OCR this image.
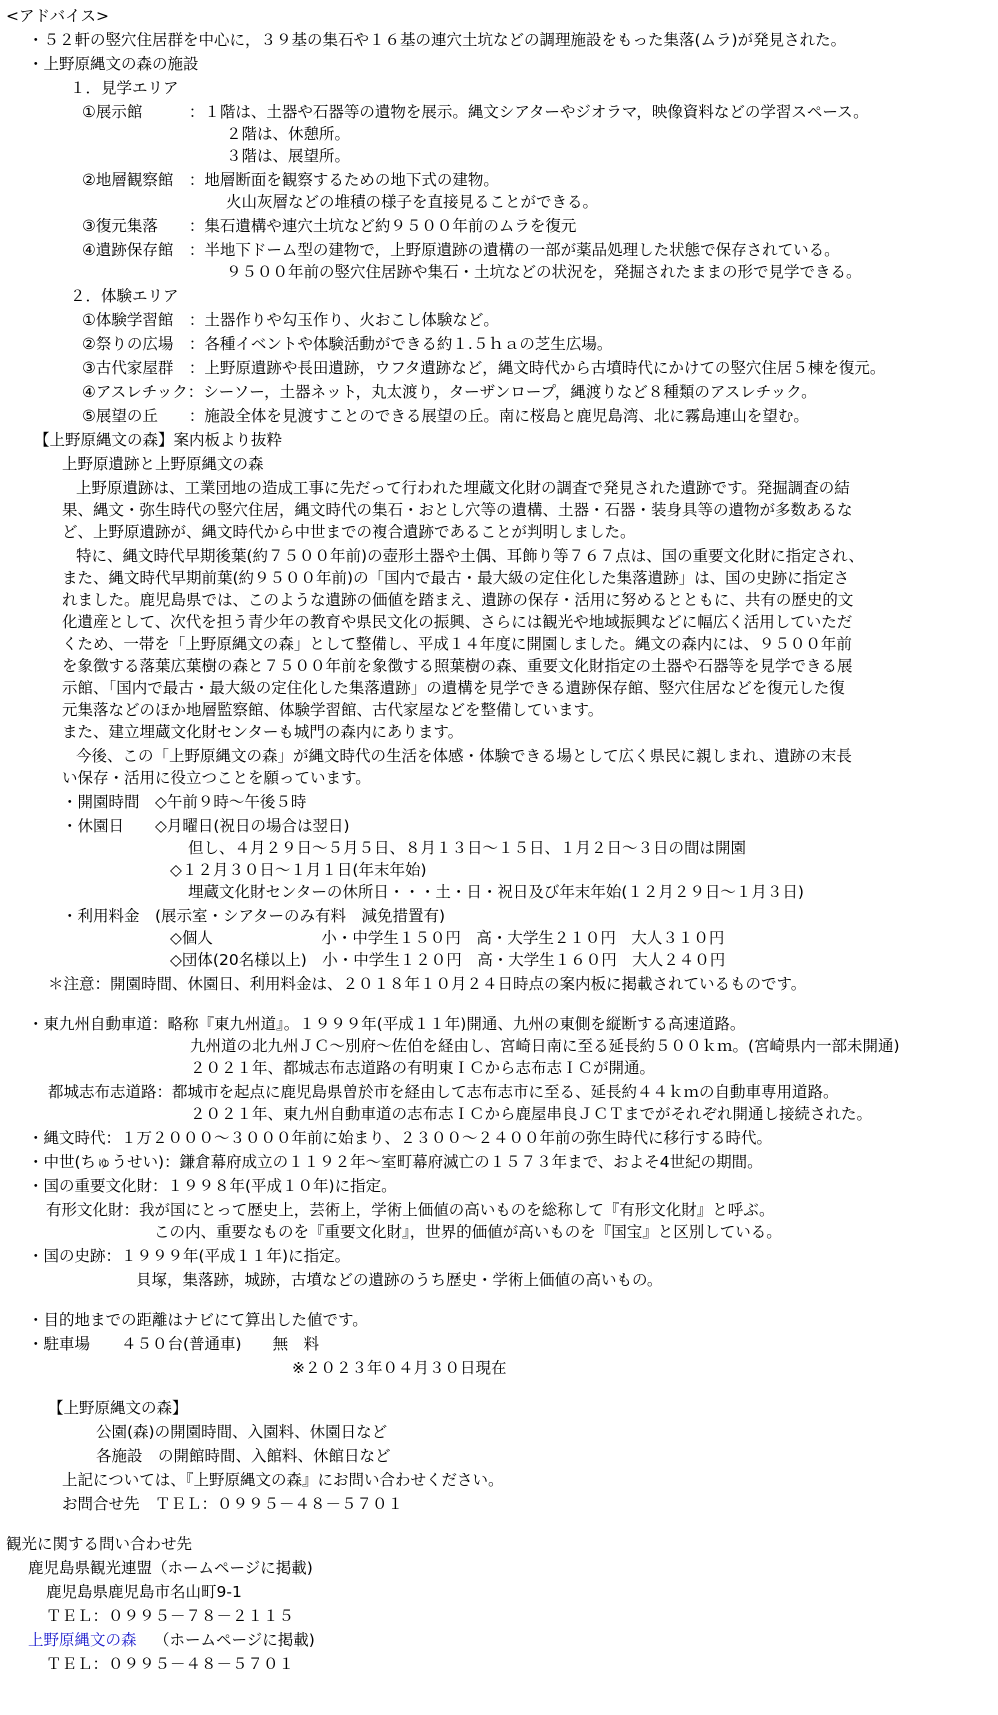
<アドバイス>
・５２軒の竪穴住居群を中心に，３９基の集石や１６基の連穴土坑などの調理施設をもった集落(ムラ)が発見された。
・上野原縄文の森の施設
１．見学エリア
①展示館　　　：１階は、土器や石器等の遺物を展示。縄文シアターやジオラマ，映像資料などの学習スペース。
２階は、休憩所。
３階は、展望所。
②地層観察館　：地層断面を観察するための地下式の建物。
火山灰層などの堆積の様子を直接見ることができる。
③復元集落　　：集石遺構や連穴土坑など約９５００年前のムラを復元
④遺跡保存館　：半地下ドーム型の建物で，上野原遺跡の遺構の一部が薬品処理した状態で保存されている。
９５００年前の竪穴住居跡や集石・土坑などの状況を，発掘されたままの形で見学できる。
２．体験エリア
①体験学習館　：土器作りや勾玉作り、火おこし体験など。
②祭りの広場　：各種イベントや体験活動ができる約１.５ｈａの芝生広場。
③古代家屋群　：上野原遺跡や長田遺跡，ウフタ遺跡など，縄文時代から古墳時代にかけての竪穴住居５棟を復元。
④アスレチック：シーソー，土器ネット，丸太渡り，ターザンロープ，縄渡りなど８種類のアスレチック。
⑤展望の丘　　：施設全体を見渡すことのできる展望の丘。南に桜島と鹿児島湾、北に霧島連山を望む。
【上野原縄文の森】案内板より抜粋
上野原遺跡と上野原縄文の森
上野原遺跡は、工業団地の造成工事に先だって行われた埋蔵文化財の調査で発見された遺跡です。発掘調査の結
果、縄文・弥生時代の竪穴住居，縄文時代の集石・おとし穴等の遺構、土器・石器・装身具等の遺物が多数あるな
ど、上野原遺跡が、縄文時代から中世までの複合遺跡であることが判明しました。
特に、縄文時代早期後葉(約７５００年前)の壺形土器や土偶、耳飾り等７６７点は、国の重要文化財に指定され、
また、縄文時代早期前葉(約９５００年前)の「国内で最古・最大級の定住化した集落遺跡」は、国の史跡に指定さ
れました。鹿児島県では、このような遺跡の価値を踏まえ、遺跡の保存・活用に努めるとともに、共有の歴史的文
化遺産として、次代を担う青少年の教育や県民文化の振興、さらには観光や地域振興などに幅広く活用していただ
くため、一帯を「上野原縄文の森」として整備し、平成１４年度に開園しました。縄文の森内には、９５００年前
を象徴する落葉広葉樹の森と７５００年前を象徴する照葉樹の森、重要文化財指定の土器や石器等を見学できる展
示館、「国内で最古・最大級の定住化した集落遺跡」の遺構を見学できる遺跡保存館、竪穴住居などを復元した復
元集落などのほか地層監察館、体験学習館、古代家屋などを整備しています。
また、建立埋蔵文化財センターも城門の森内にあります。
今後、この「上野原縄文の森」が縄文時代の生活を体感・体験できる場として広く県民に親しまれ、遺跡の末長
い保存・活用に役立つことを願っています。
・開園時間　◇午前９時～午後５時
・休園日　　◇月曜日(祝日の場合は翌日)
但し、４月２９日～５月５日、８月１３日～１５日、１月２日～３日の間は開園
◇１２月３０日～１月１日(年末年始)
埋蔵文化財センターの休所日・・・土・日・祝日及び年末年始(１２月２９日～１月３日)
・利用料金　(展示室・シアターのみ有料　減免措置有)
◇個人　　　　　　　小・中学生１５０円　高・大学生２１０円　大人３１０円
◇団体(20名様以上)　小・中学生１２０円　高・大学生１６０円　大人２４０円
＊注意：開園時間、休園日、利用料金は、２０１８年１０月２４日時点の案内板に掲載されているものです。
・東九州自動車道：略称『東九州道』。１９９９年(平成１１年)開通、九州の東側を縦断する高速道路。
九州道の北九州ＪＣ～別府～佐伯を経由し、宮崎日南に至る延長約５００ｋｍ。(宮崎県内一部未開通)
２０２１年、都城志布志道路の有明東ＩＣから志布志ＩＣが開通。
都城志布志道路：都城市を起点に鹿児島県曽於市を経由して志布志市に至る、延長約４４ｋｍの自動車専用道路。
２０２１年、東九州自動車道の志布志ＩＣから鹿屋串良ＪＣＴまでがそれぞれ開通し接続された。
・縄文時代：１万２０００～３０００年前に始まり、２３００～２４００年前の弥生時代に移行する時代。
・中世(ちゅうせい)：鎌倉幕府成立の１１９２年～室町幕府滅亡の１５７３年まで、およそ4世紀の期間。
・国の重要文化財：１９９８年(平成１０年)に指定。
有形文化財：我が国にとって歴史上，芸術上，学術上価値の高いものを総称して『有形文化財』と呼ぶ。
この内、重要なものを『重要文化財』，世界的価値が高いものを『国宝』と区別している。
・国の史跡：１９９９年(平成１１年)に指定。
貝塚，集落跡，城跡，古墳などの遺跡のうち歴史・学術上価値の高いもの。
・目的地までの距離はナビにて算出した値です。
・駐車場　　４５０台(普通車)　　無　料
※２０２３年０４月３０日現在
【上野原縄文の森】
公園(森)の開園時間、入園料、休園日など
各施設　の開館時間、入館料、休館日など
上記については、『上野原縄文の森』にお問い合わせください。
お問合せ先　ＴＥＬ：０９９５－４８－５７０１
観光に関する問い合わせ先
鹿児島県観光連盟（ホームページに掲載)
鹿児島県鹿児島市名山町9-1
ＴＥＬ：０９９５－７８－２１１５
上野原縄文の森 （ホームページに掲載)
ＴＥＬ：０９９５－４８－５７０１
